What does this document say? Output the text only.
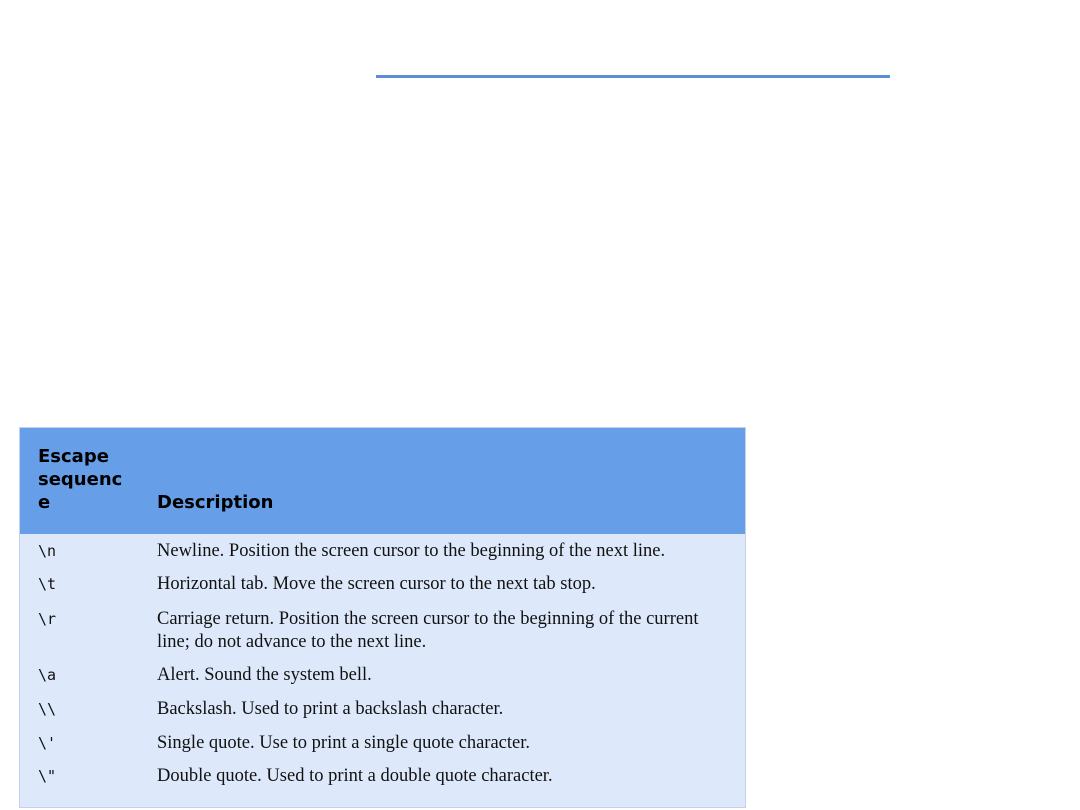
Escape
sequenc
e	Description
\n	Newline. Position the screen cursor to the beginning of the next line.
\t	Horizontal tab. Move the screen cursor to the next tab stop.
\r	Carriage return. Position the screen cursor to the beginning of the current line; do not advance to the next line.
\a	Alert. Sound the system bell.
\\	Backslash. Used to print a backslash character.
\'	Single quote. Use to print a single quote character.
\"	Double quote. Used to print a double quote character.
